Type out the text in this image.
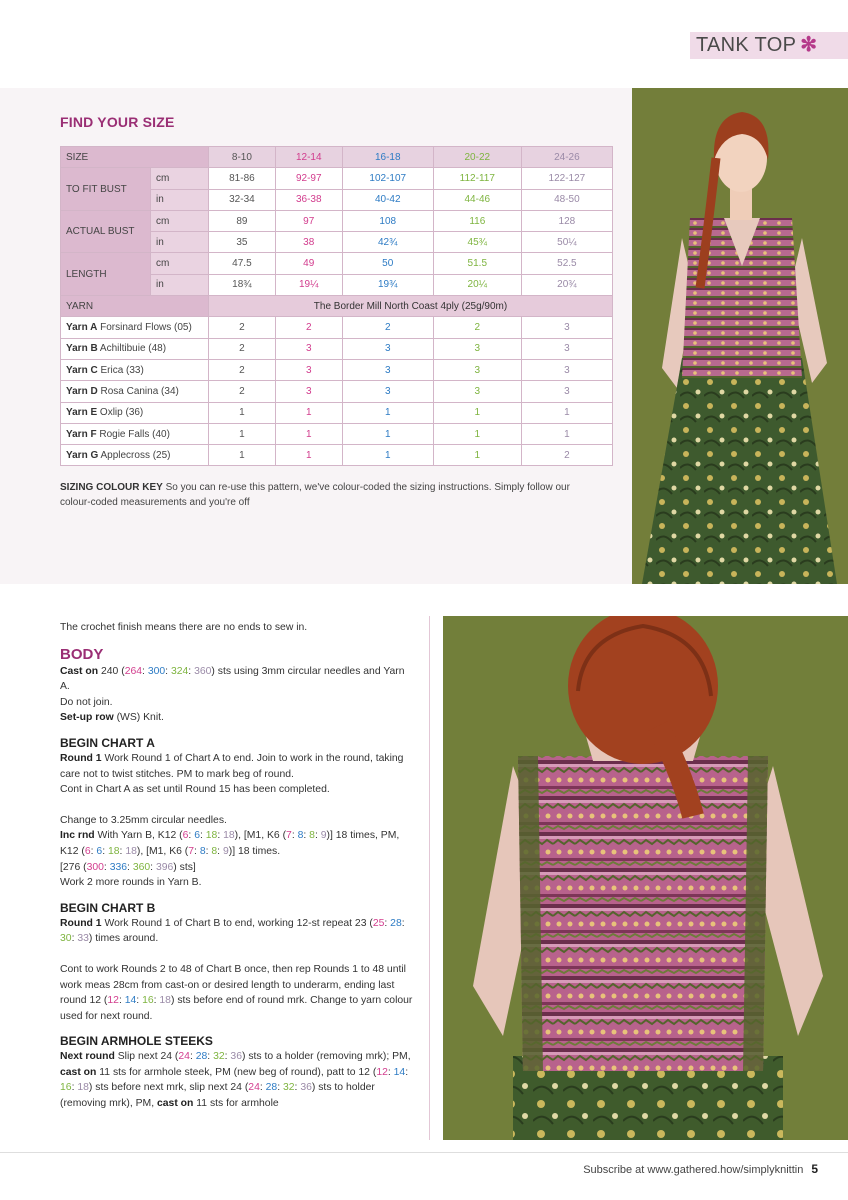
TANK TOP ✻
FIND YOUR SIZE
SIZE		8-10	12-14	16-18	20-22	24-26
TO FIT BUST	cm	81-86	92-97	102-107	112-117	122-127
	in	32-34	36-38	40-42	44-46	48-50
ACTUAL BUST	cm	89	97	108	116	128
	in	35	38	42¾	45¾	50¼
LENGTH	cm	47.5	49	50	51.5	52.5
	in	18¾	19¼	19¾	20¼	20¾
YARN		The Border Mill North Coast 4ply (25g/90m)				
Yarn A Forsinard Flows (05)		2	2	2	2	3
Yarn B Achiltibuie (48)		2	3	3	3	3
Yarn C Erica (33)		2	3	3	3	3
Yarn D Rosa Canina (34)		2	3	3	3	3
Yarn E Oxlip (36)		1	1	1	1	1
Yarn F Rogie Falls (40)		1	1	1	1	1
Yarn G Applecross (25)		1	1	1	1	2
SIZING COLOUR KEY So you can re-use this pattern, we've colour-coded the sizing instructions. Simply follow our colour-coded measurements and you're off

The crochet finish means there are no ends to sew in.

BODY

Cast on 240 (264: 300: 324: 360) sts using 3mm circular needles and Yarn A.

Do not join.

Set-up row (WS) Knit.

BEGIN CHART A

Round 1 Work Round 1 of Chart A to end. Join to work in the round, taking care not to twist stitches. PM to mark beg of round.

Cont in Chart A as set until Round 15 has been completed.

Change to 3.25mm circular needles.

Inc rnd With Yarn B, K12 (6: 6: 18: 18), [M1, K6 (7: 8: 8: 9)] 18 times, PM, K12 (6: 6: 18: 18), [M1, K6 (7: 8: 8: 9)] 18 times.

[276 (300: 336: 360: 396) sts]

Work 2 more rounds in Yarn B.

BEGIN CHART B

Round 1 Work Round 1 of Chart B to end, working 12-st repeat 23 (25: 28: 30: 33) times around.

Cont to work Rounds 2 to 48 of Chart B once, then rep Rounds 1 to 48 until work meas 28cm from cast-on or desired length to underarm, ending last round 12 (12: 14: 16: 18) sts before end of round mrk. Change to yarn colour used for next round.

BEGIN ARMHOLE STEEKS

Next round Slip next 24 (24: 28: 32: 36) sts to a holder (removing mrk); PM, cast on 11 sts for armhole steek, PM (new beg of round), patt to 12 (12: 14: 16: 18) sts before next mrk, slip next 24 (24: 28: 32: 36) sts to holder (removing mrk), PM, cast on 11 sts for armhole

Subscribe at www.gathered.how/simplyknittin 5
